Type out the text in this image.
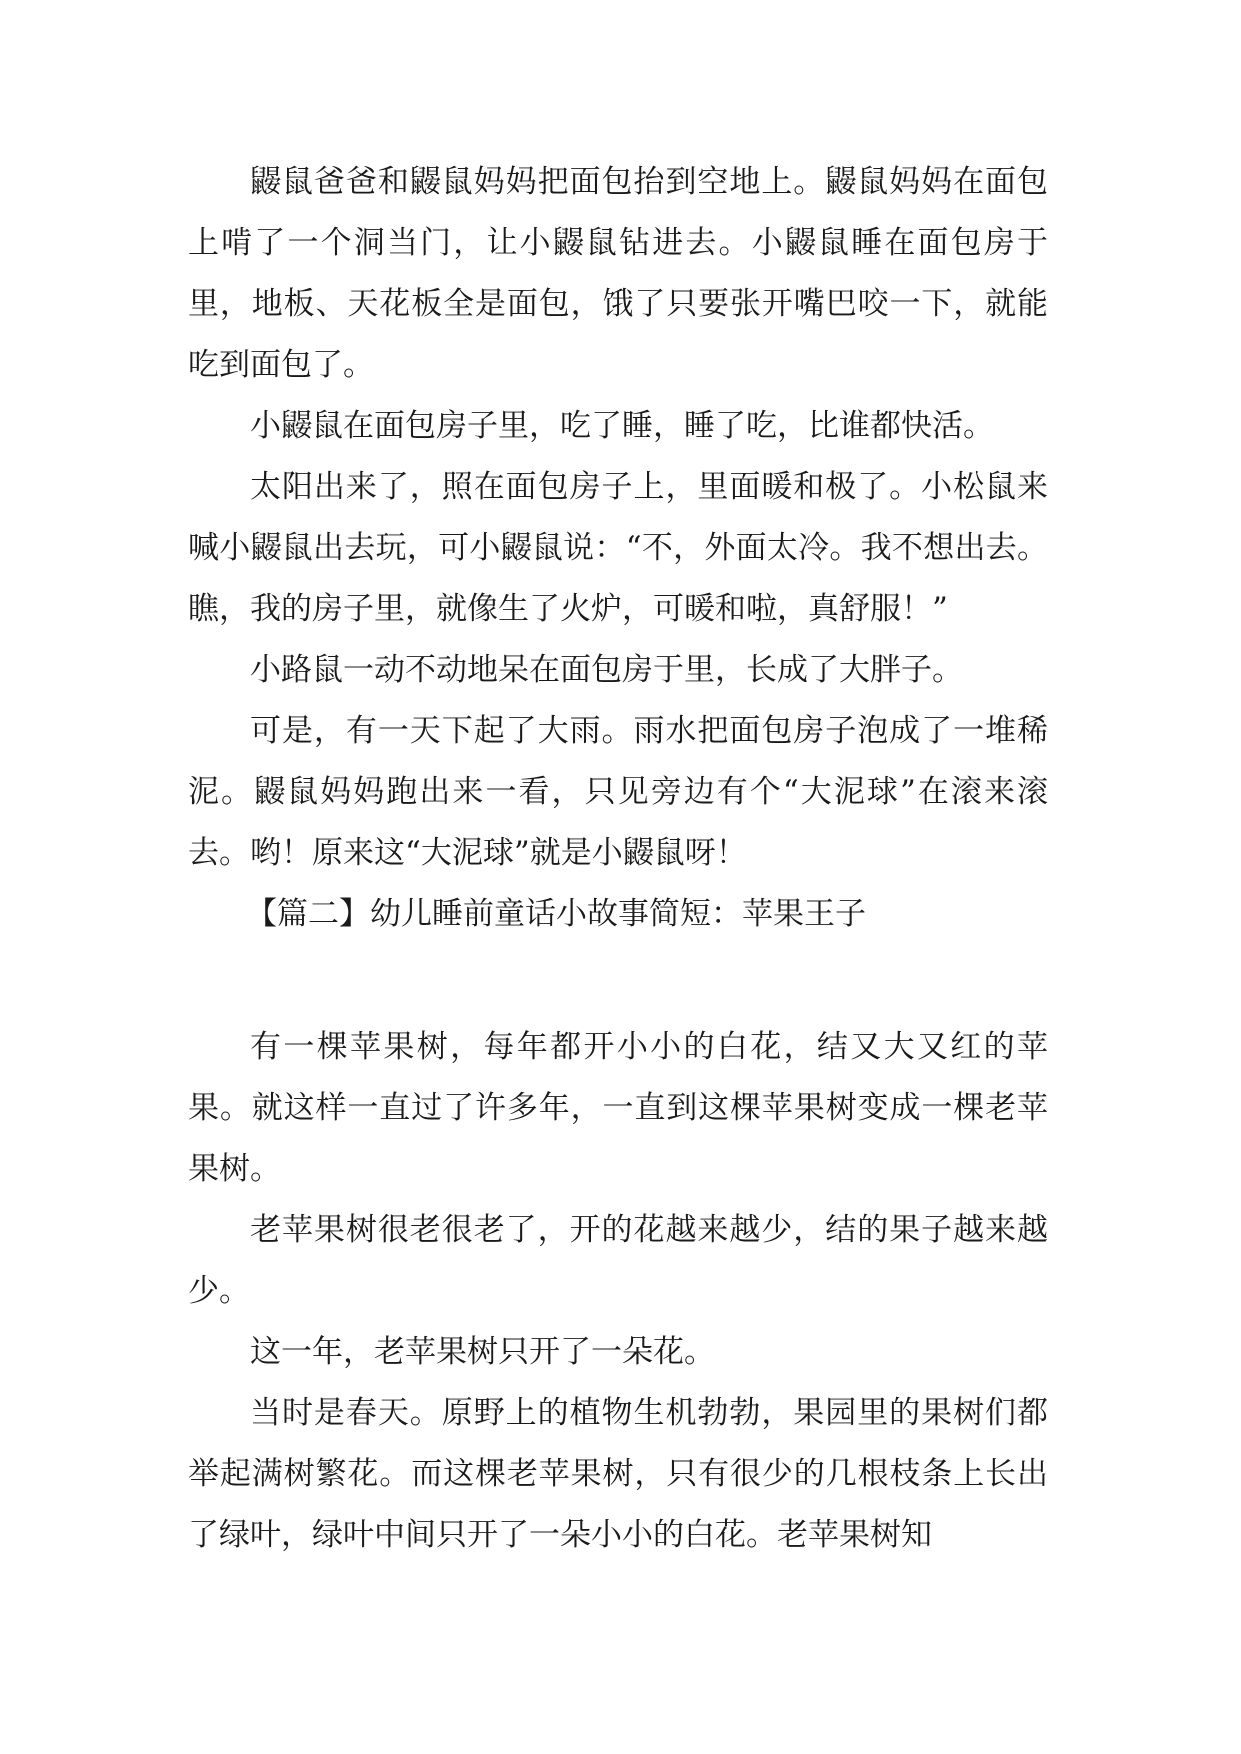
鼹鼠爸爸和鼹鼠妈妈把面包抬到空地上。鼹鼠妈妈在面包上啃了一个洞当门，让小鼹鼠钻进去。小鼹鼠睡在面包房于里，地板、天花板全是面包，饿了只要张开嘴巴咬一下，就能吃到面包了。

小鼹鼠在面包房子里，吃了睡，睡了吃，比谁都快活。

太阳出来了，照在面包房子上，里面暖和极了。小松鼠来喊小鼹鼠出去玩，可小鼹鼠说：“不，外面太冷。我不想出去。瞧，我的房子里，就像生了火炉，可暖和啦，真舒服！”

小路鼠一动不动地呆在面包房于里，长成了大胖子。

可是，有一天下起了大雨。雨水把面包房子泡成了一堆稀泥。鼹鼠妈妈跑出来一看，只见旁边有个“大泥球”在滚来滚去。哟！原来这“大泥球”就是小鼹鼠呀！

【篇二】幼儿睡前童话小故事简短：苹果王子

有一棵苹果树，每年都开小小的白花，结又大又红的苹果。就这样一直过了许多年，一直到这棵苹果树变成一棵老苹果树。

老苹果树很老很老了，开的花越来越少，结的果子越来越少。

这一年，老苹果树只开了一朵花。

当时是春天。原野上的植物生机勃勃，果园里的果树们都举起满树繁花。而这棵老苹果树，只有很少的几根枝条上长出了绿叶，绿叶中间只开了一朵小小的白花。老苹果树知
